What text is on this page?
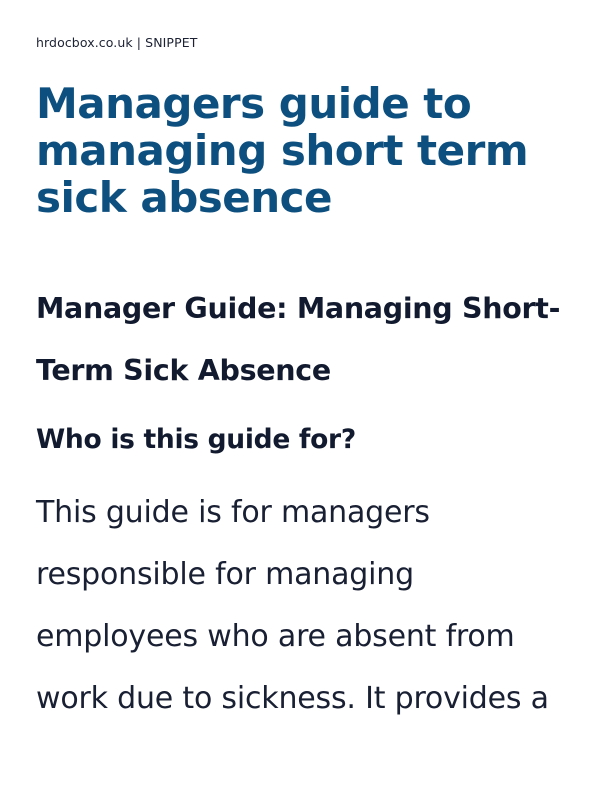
hrdocbox.co.uk | SNIPPET
Managers guide to managing short term sick absence
Manager Guide: Managing Short-Term Sick Absence
Who is this guide for?

This guide is for managers
responsible for managing
employees who are absent from
work due to sickness. It provides a
